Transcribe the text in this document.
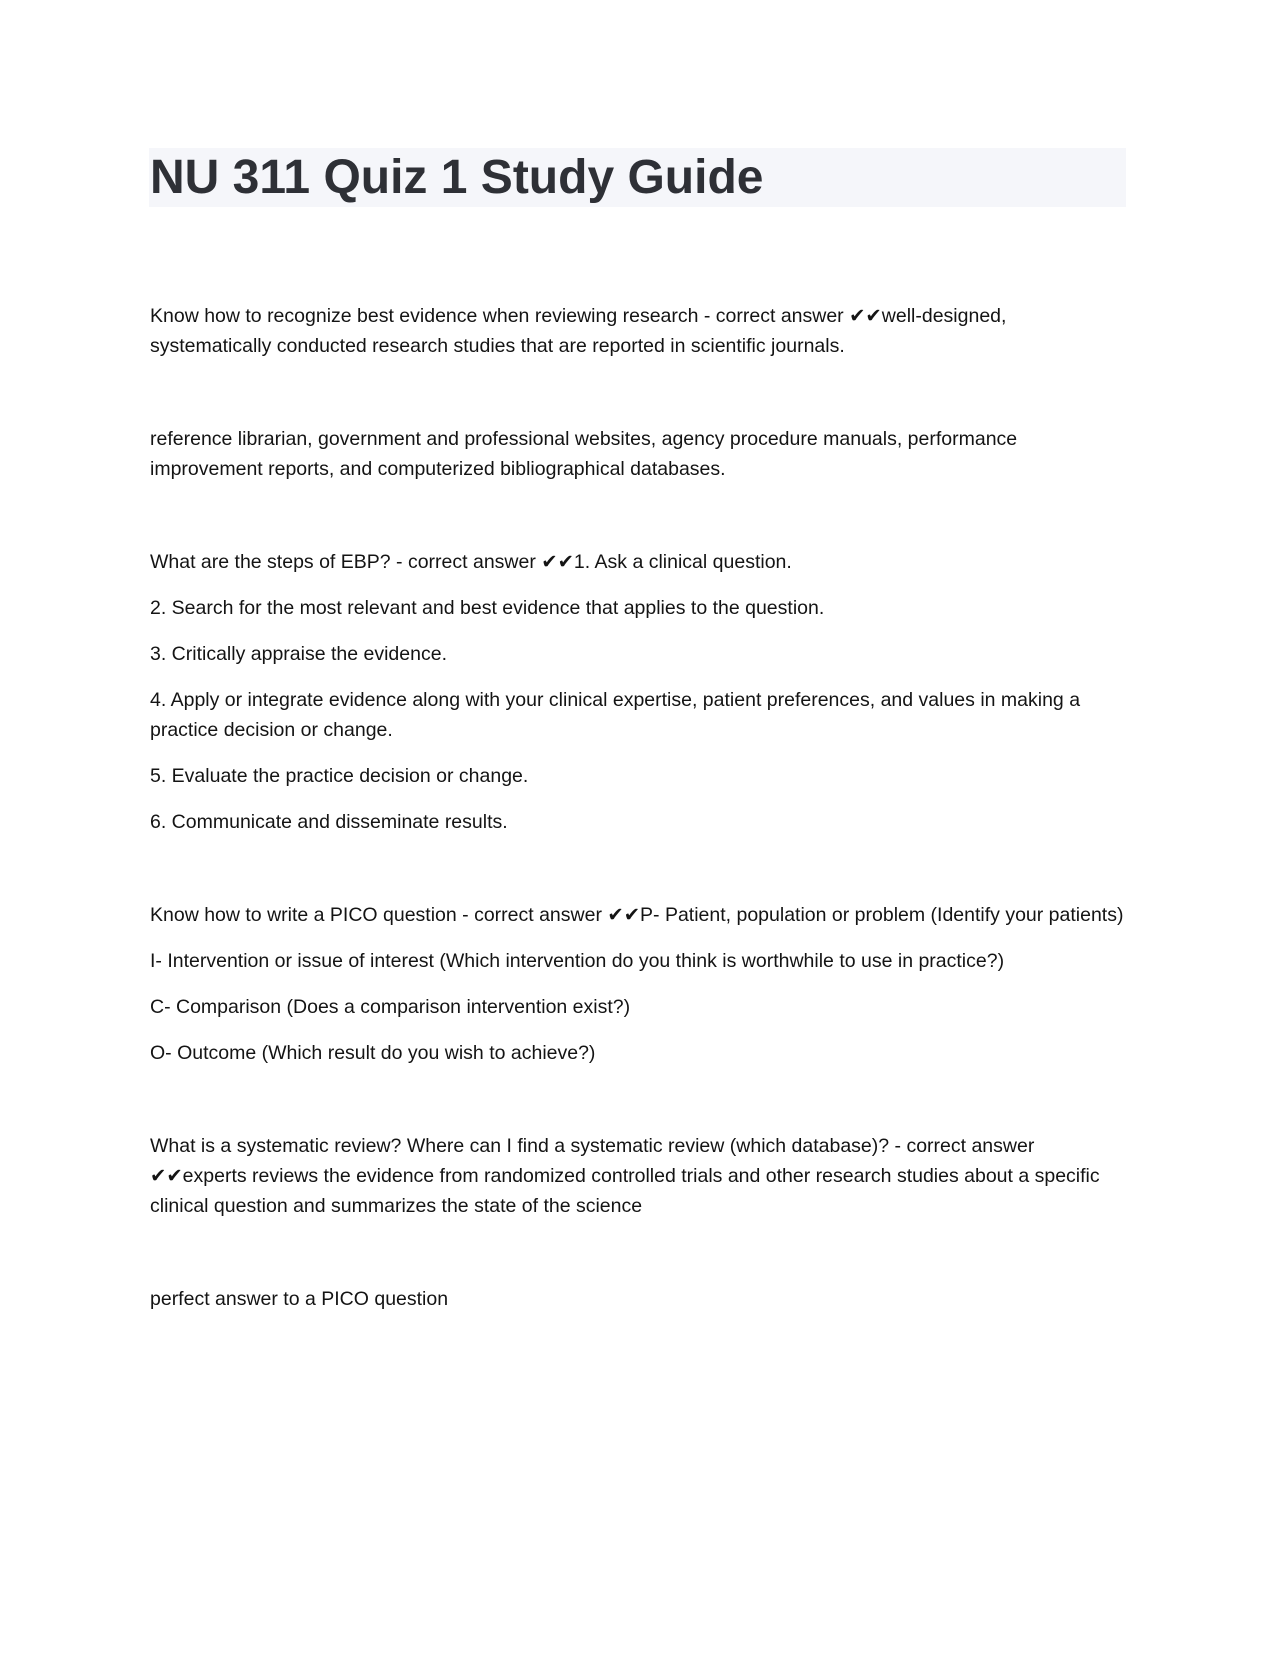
NU 311 Quiz 1 Study Guide

Know how to recognize best evidence when reviewing research - correct answer ✔✔well-designed, systematically conducted research studies that are reported in scientific journals.

reference librarian, government and professional websites, agency procedure manuals, performance improvement reports, and computerized bibliographical databases.

What are the steps of EBP? - correct answer ✔✔1. Ask a clinical question.

2. Search for the most relevant and best evidence that applies to the question.

3. Critically appraise the evidence.

4. Apply or integrate evidence along with your clinical expertise, patient preferences, and values in making a practice decision or change.

5. Evaluate the practice decision or change.

6. Communicate and disseminate results.

Know how to write a PICO question - correct answer ✔✔P- Patient, population or problem (Identify your patients)

I- Intervention or issue of interest (Which intervention do you think is worthwhile to use in practice?)

C- Comparison (Does a comparison intervention exist?)

O- Outcome (Which result do you wish to achieve?)

What is a systematic review? Where can I find a systematic review (which database)? - correct answer ✔✔experts reviews the evidence from randomized controlled trials and other research studies about a specific clinical question and summarizes the state of the science

perfect answer to a PICO question
